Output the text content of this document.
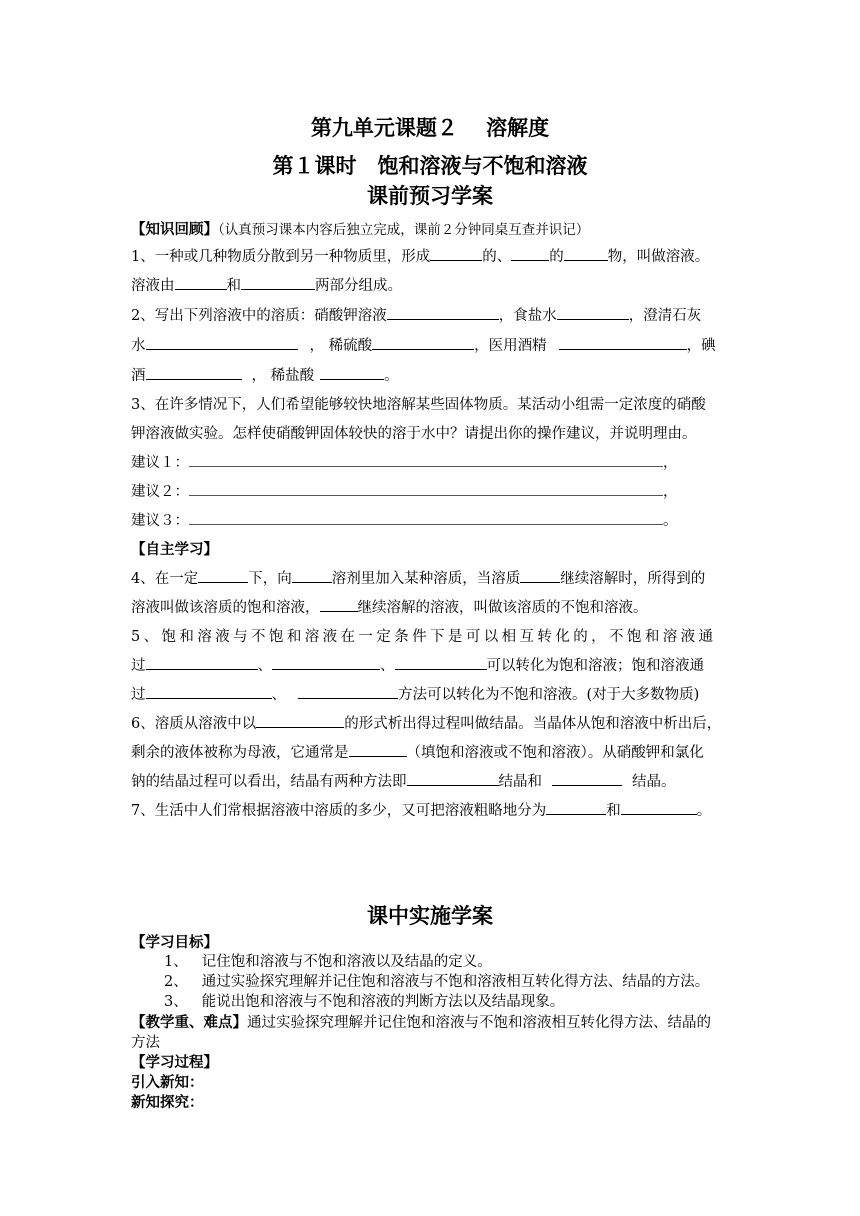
第九单元课题２　 溶解度
第１课时　饱和溶液与不饱和溶液
课前预习学案
【知识回顾】（认真预习课本内容后独立完成，课前２分钟同桌互查并识记）
1、一种或几种物质分散到另一种物质里，形成	的、	的	物，叫做溶液。
溶液由	和	两部分组成。
2、写出下列溶液中的溶质：硝酸钾溶液	，食盐水	，澄清石灰
水	， 稀硫酸	，医用酒精	，碘
酒	， 稀盐酸	。
3、在许多情况下，人们希望能够较快地溶解某些固体物质。某活动小组需一定浓度的硝酸
钾溶液做实验。怎样使硝酸钾固体较快的溶于水中？请提出你的操作建议，并说明理由。
建议１：	，
建议２：	，
建议３：	。
【自主学习】
4、在一定	下，向	溶剂里加入某种溶质，当溶质	继续溶解时，所得到的
溶液叫做该溶质的饱和溶液，	继续溶解的溶液，叫做该溶质的不饱和溶液。
5、饱和溶液与不饱和溶液在一定条件下是可以相互转化的，不饱和溶液通
过	、	、	可以转化为饱和溶液；饱和溶液通
过	、	方法可以转化为不饱和溶液。(对于大多数物质)
6、溶质从溶液中以	的形式析出得过程叫做结晶。当晶体从饱和溶液中析出后，
剩余的液体被称为母液，它通常是	（填饱和溶液或不饱和溶液）。从硝酸钾和氯化
钠的结晶过程可以看出，结晶有两种方法即	结晶和	结晶。
7、生活中人们常根据溶液中溶质的多少，又可把溶液粗略地分为	和	。
课中实施学案
【学习目标】
1、 记住饱和溶液与不饱和溶液以及结晶的定义。
2、 通过实验探究理解并记住饱和溶液与不饱和溶液相互转化得方法、结晶的方法。
3、 能说出饱和溶液与不饱和溶液的判断方法以及结晶现象。
【教学重、难点】通过实验探究理解并记住饱和溶液与不饱和溶液相互转化得方法、结晶的
方法
【学习过程】
引入新知：
新知探究：
